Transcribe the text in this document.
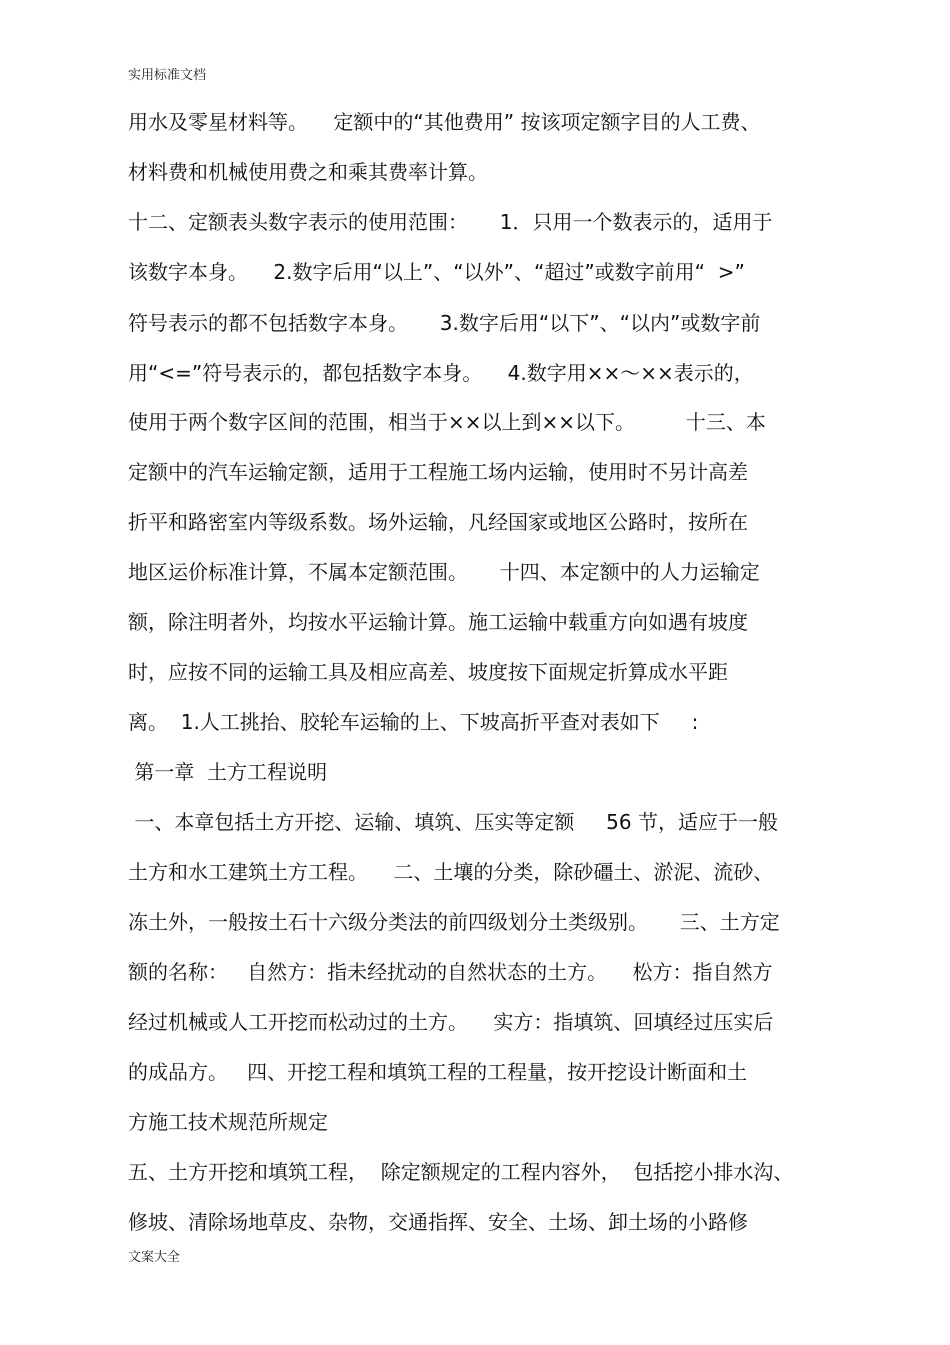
实用标准文档
用水及零星材料等。    定额中的“其他费用” 按该项定额字目的人工费、
材料费和机械使用费之和乘其费率计算。
十二、定额表头数字表示的使用范围：     1．只用一个数表示的，适用于
该数字本身。    2.数字后用“以上”、“以外”、“超过”或数字前用“  >”
符号表示的都不包括数字本身。     3.数字后用“以下”、“以内”或数字前
用“<=”符号表示的，都包括数字本身。    4.数字用××～××表示的，
使用于两个数字区间的范围，相当于××以上到××以下。        十三、本
定额中的汽车运输定额，适用于工程施工场内运输，使用时不另计高差
折平和路密室内等级系数。场外运输，凡经国家或地区公路时，按所在
地区运价标准计算，不属本定额范围。     十四、本定额中的人力运输定
额，除注明者外，均按水平运输计算。施工运输中载重方向如遇有坡度
时，应按不同的运输工具及相应高差、坡度按下面规定折算成水平距
离。  1.人工挑抬、胶轮车运输的上、下坡高折平查对表如下     :
第一章  土方工程说明
一、本章包括土方开挖、运输、填筑、压实等定额     56 节，适应于一般
土方和水工建筑土方工程。    二、土壤的分类，除砂礓土、淤泥、流砂、
冻土外，一般按土石十六级分类法的前四级划分土类级别。     三、土方定
额的名称：   自然方：指未经扰动的自然状态的土方。    松方：指自然方
经过机械或人工开挖而松动过的土方。    实方：指填筑、回填经过压实后
的成品方。   四、开挖工程和填筑工程的工程量，按开挖设计断面和土
方施工技术规范所规定
五、土方开挖和填筑工程，  除定额规定的工程内容外，  包括挖小排水沟、
修坡、清除场地草皮、杂物，交通指挥、安全、土场、卸土场的小路修
文案大全
